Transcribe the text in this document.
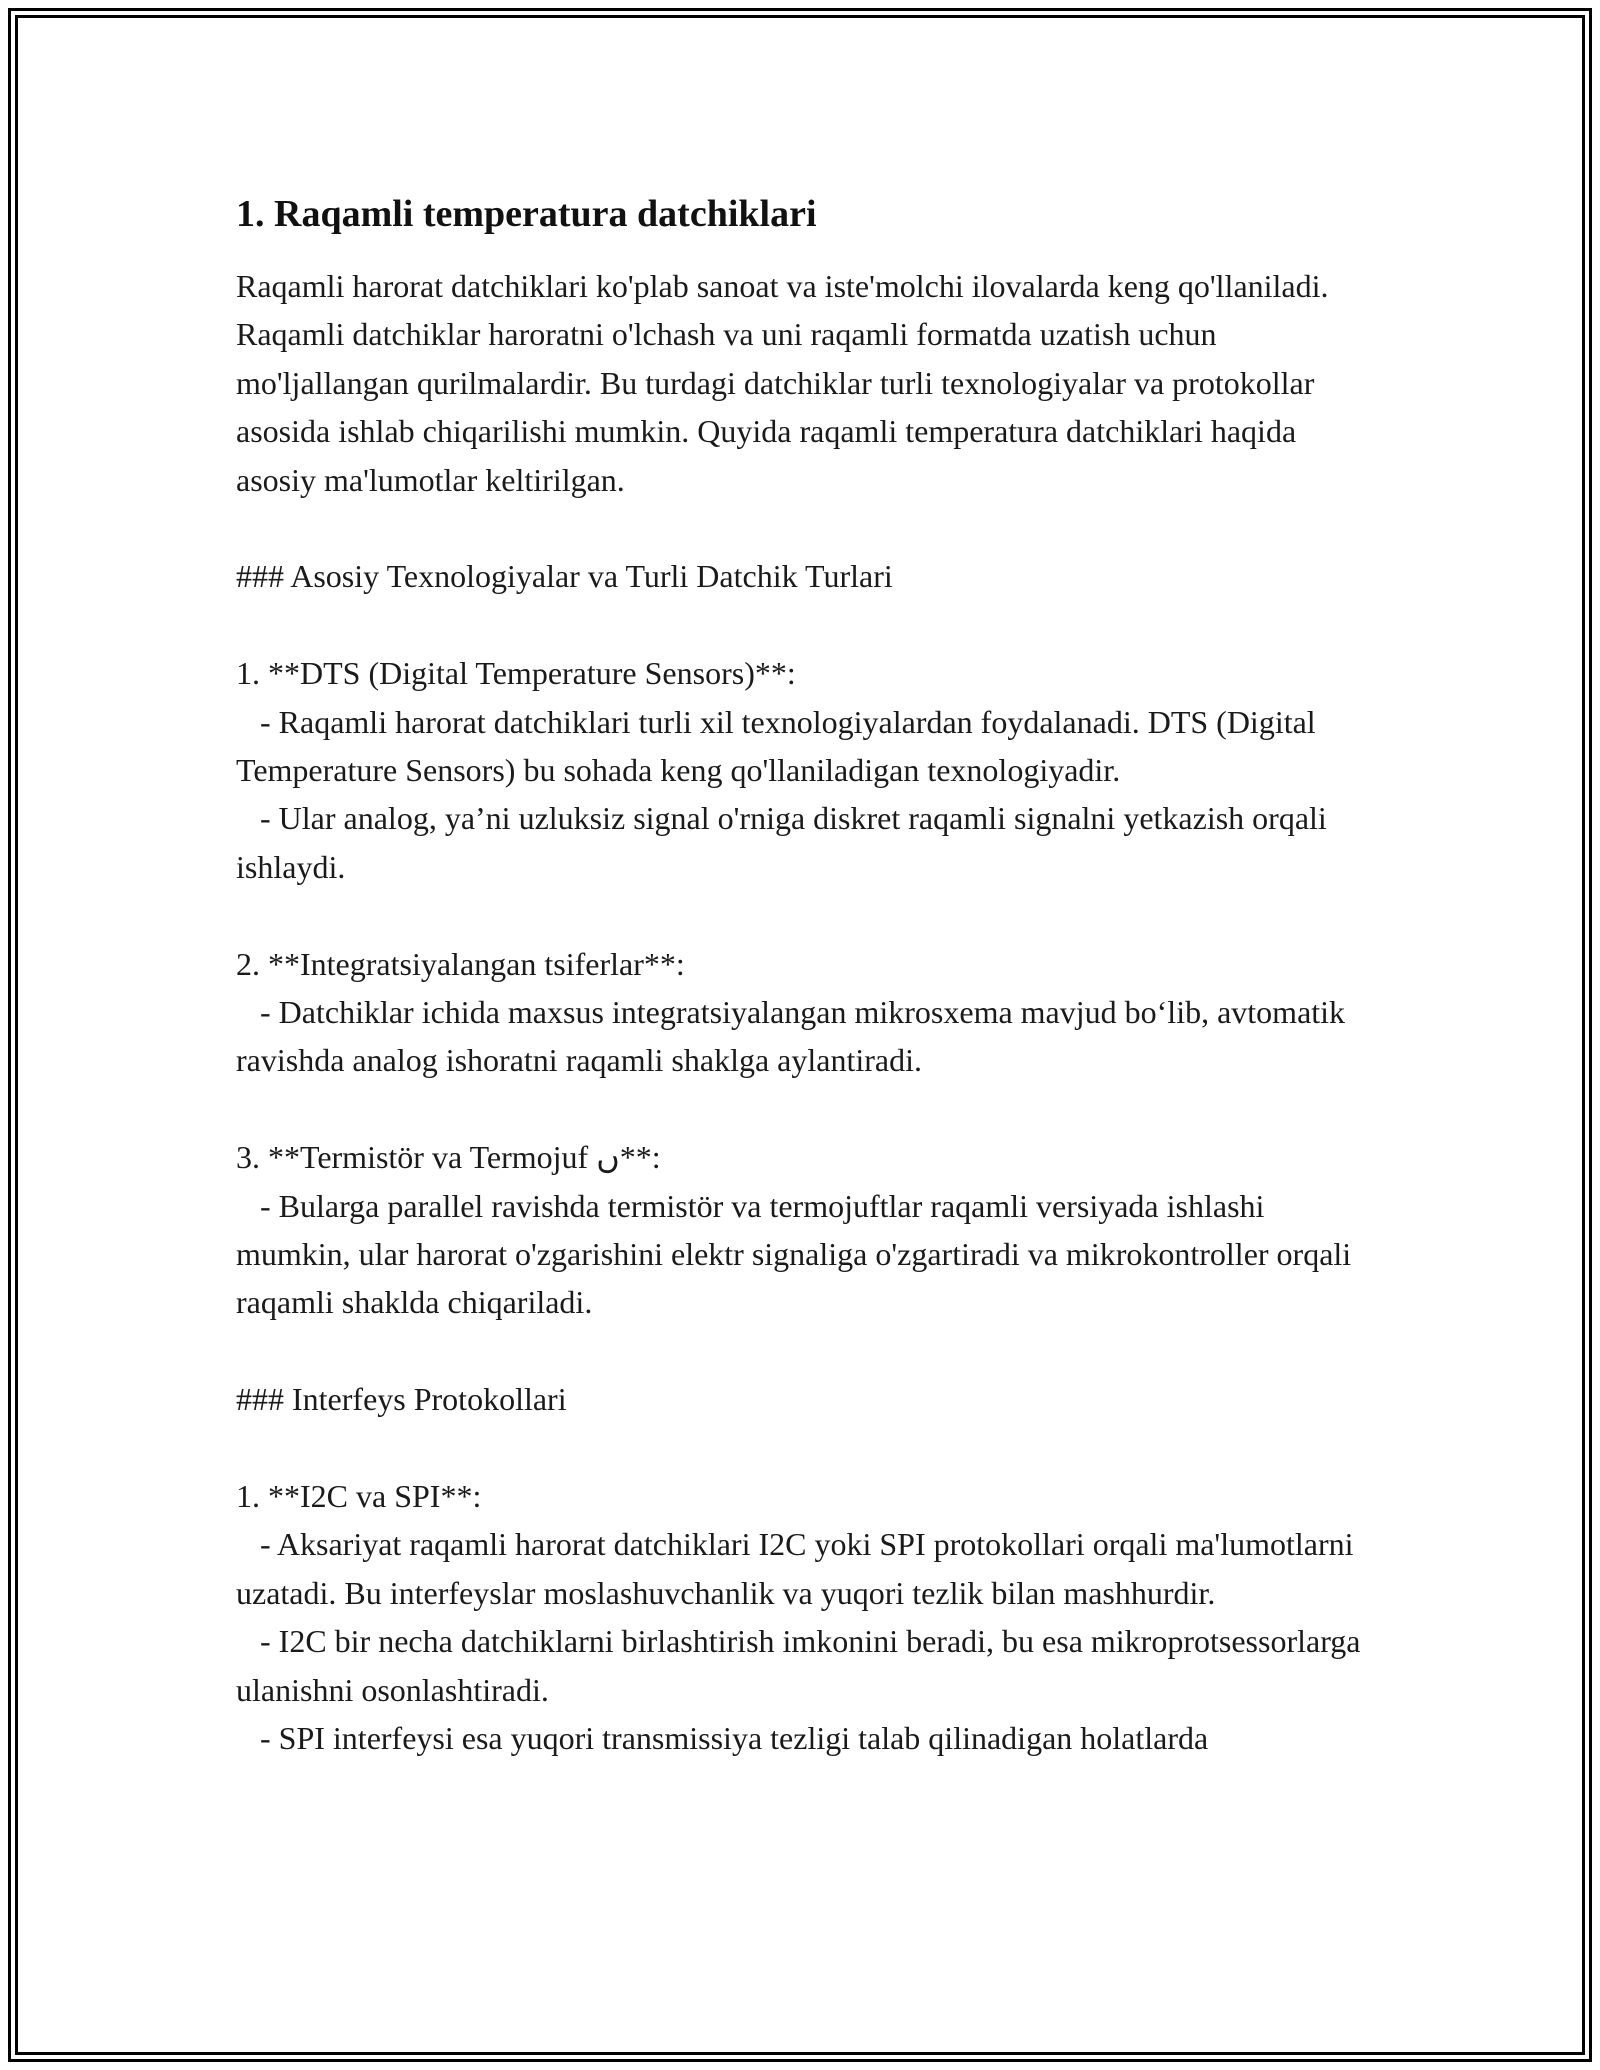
1. Raqamli temperatura datchiklari

Raqamli harorat datchiklari ko'plab sanoat va iste'molchi ilovalarda keng qo'llaniladi. Raqamli datchiklar haroratni o'lchash va uni raqamli formatda uzatish uchun mo'ljallangan qurilmalardir. Bu turdagi datchiklar turli texnologiyalar va protokollar asosida ishlab chiqarilishi mumkin. Quyida raqamli temperatura datchiklari haqida asosiy ma'lumotlar keltirilgan.

### Asosiy Texnologiyalar va Turli Datchik Turlari

1. **DTS (Digital Temperature Sensors)**:
- Raqamli harorat datchiklari turli xil texnologiyalardan foydalanadi. DTS (Digital Temperature Sensors) bu sohada keng qo'llaniladigan texnologiyadir.
- Ular analog, ya’ni uzluksiz signal o'rniga diskret raqamli signalni yetkazish orqali ishlaydi.

2. **Integratsiyalangan tsiferlar**:
- Datchiklar ichida maxsus integratsiyalangan mikrosxema mavjud bo‘lib, avtomatik ravishda analog ishoratni raqamli shaklga aylantiradi.

3. **Termistör va Termojuf ں**:
- Bularga parallel ravishda termistör va termojuftlar raqamli versiyada ishlashi mumkin, ular harorat o'zgarishini elektr signaliga o'zgartiradi va mikrokontroller orqali raqamli shaklda chiqariladi.

### Interfeys Protokollari

1. **I2C va SPI**:
- Aksariyat raqamli harorat datchiklari I2C yoki SPI protokollari orqali ma'lumotlarni uzatadi. Bu interfeyslar moslashuvchanlik va yuqori tezlik bilan mashhurdir.
- I2C bir necha datchiklarni birlashtirish imkonini beradi, bu esa mikroprotsessorlarga ulanishni osonlashtiradi.
- SPI interfeysi esa yuqori transmissiya tezligi talab qilinadigan holatlarda
